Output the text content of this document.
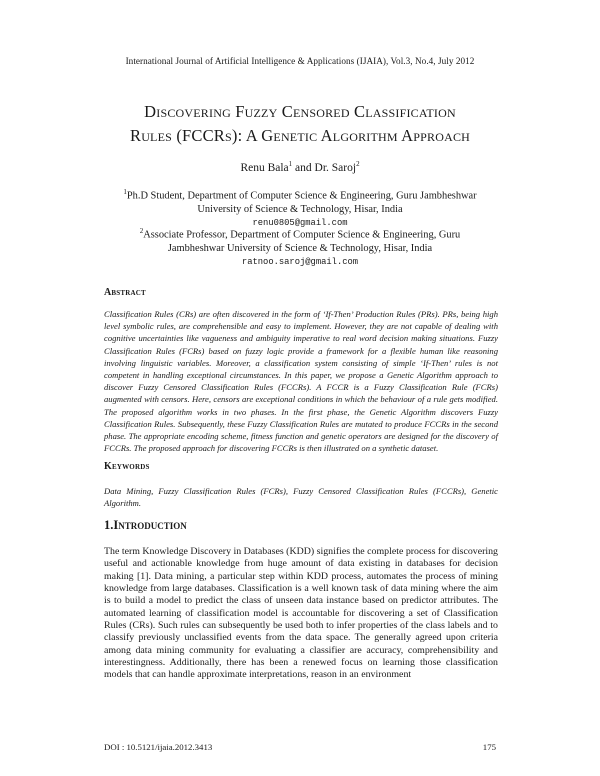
International Journal of Artificial Intelligence & Applications (IJAIA), Vol.3, No.4, July 2012
Discovering Fuzzy Censored Classification
Rules (FCCRs): A Genetic Algorithm Approach
Renu Bala$^1$ and Dr. Saroj$^2$
$^1$Ph.D Student, Department of Computer Science & Engineering, Guru Jambheshwar
University of Science & Technology, Hisar, India
renu0805@gmail.com
$^2$Associate Professor, Department of Computer Science & Engineering, Guru
Jambheshwar University of Science & Technology, Hisar, India
ratnoo.saroj@gmail.com
Abstract
Classification Rules (CRs) are often discovered in the form of ‘If-Then’ Production Rules (PRs). PRs, being high level symbolic rules, are comprehensible and easy to implement. However, they are not capable of dealing with cognitive uncertainties like vagueness and ambiguity imperative to real word decision making situations. Fuzzy Classification Rules (FCRs) based on fuzzy logic provide a framework for a flexible human like reasoning involving linguistic variables. Moreover, a classification system consisting of simple ‘If-Then’ rules is not competent in handling exceptional circumstances. In this paper, we propose a Genetic Algorithm approach to discover Fuzzy Censored Classification Rules (FCCRs). A FCCR is a Fuzzy Classification Rule (FCRs) augmented with censors. Here, censors are exceptional conditions in which the behaviour of a rule gets modified. The proposed algorithm works in two phases. In the first phase, the Genetic Algorithm discovers Fuzzy Classification Rules. Subsequently, these Fuzzy Classification Rules are mutated to produce FCCRs in the second phase. The appropriate encoding scheme, fitness function and genetic operators are designed for the discovery of FCCRs. The proposed approach for discovering FCCRs is then illustrated on a synthetic dataset.
Keywords
Data Mining, Fuzzy Classification Rules (FCRs), Fuzzy Censored Classification Rules (FCCRs), Genetic Algorithm.
1.Introduction
The term Knowledge Discovery in Databases (KDD) signifies the complete process for discovering useful and actionable knowledge from huge amount of data existing in databases for decision making [1]. Data mining, a particular step within KDD process, automates the process of mining knowledge from large databases. Classification is a well known task of data mining where the aim is to build a model to predict the class of unseen data instance based on predictor attributes. The automated learning of classification model is accountable for discovering a set of Classification Rules (CRs). Such rules can subsequently be used both to infer properties of the class labels and to classify previously unclassified events from the data space. The generally agreed upon criteria among data mining community for evaluating a classifier are accuracy, comprehensibility and interestingness. Additionally, there has been a renewed focus on learning those classification models that can handle approximate interpretations, reason in an environment
DOI : 10.5121/ijaia.2012.3413	175
